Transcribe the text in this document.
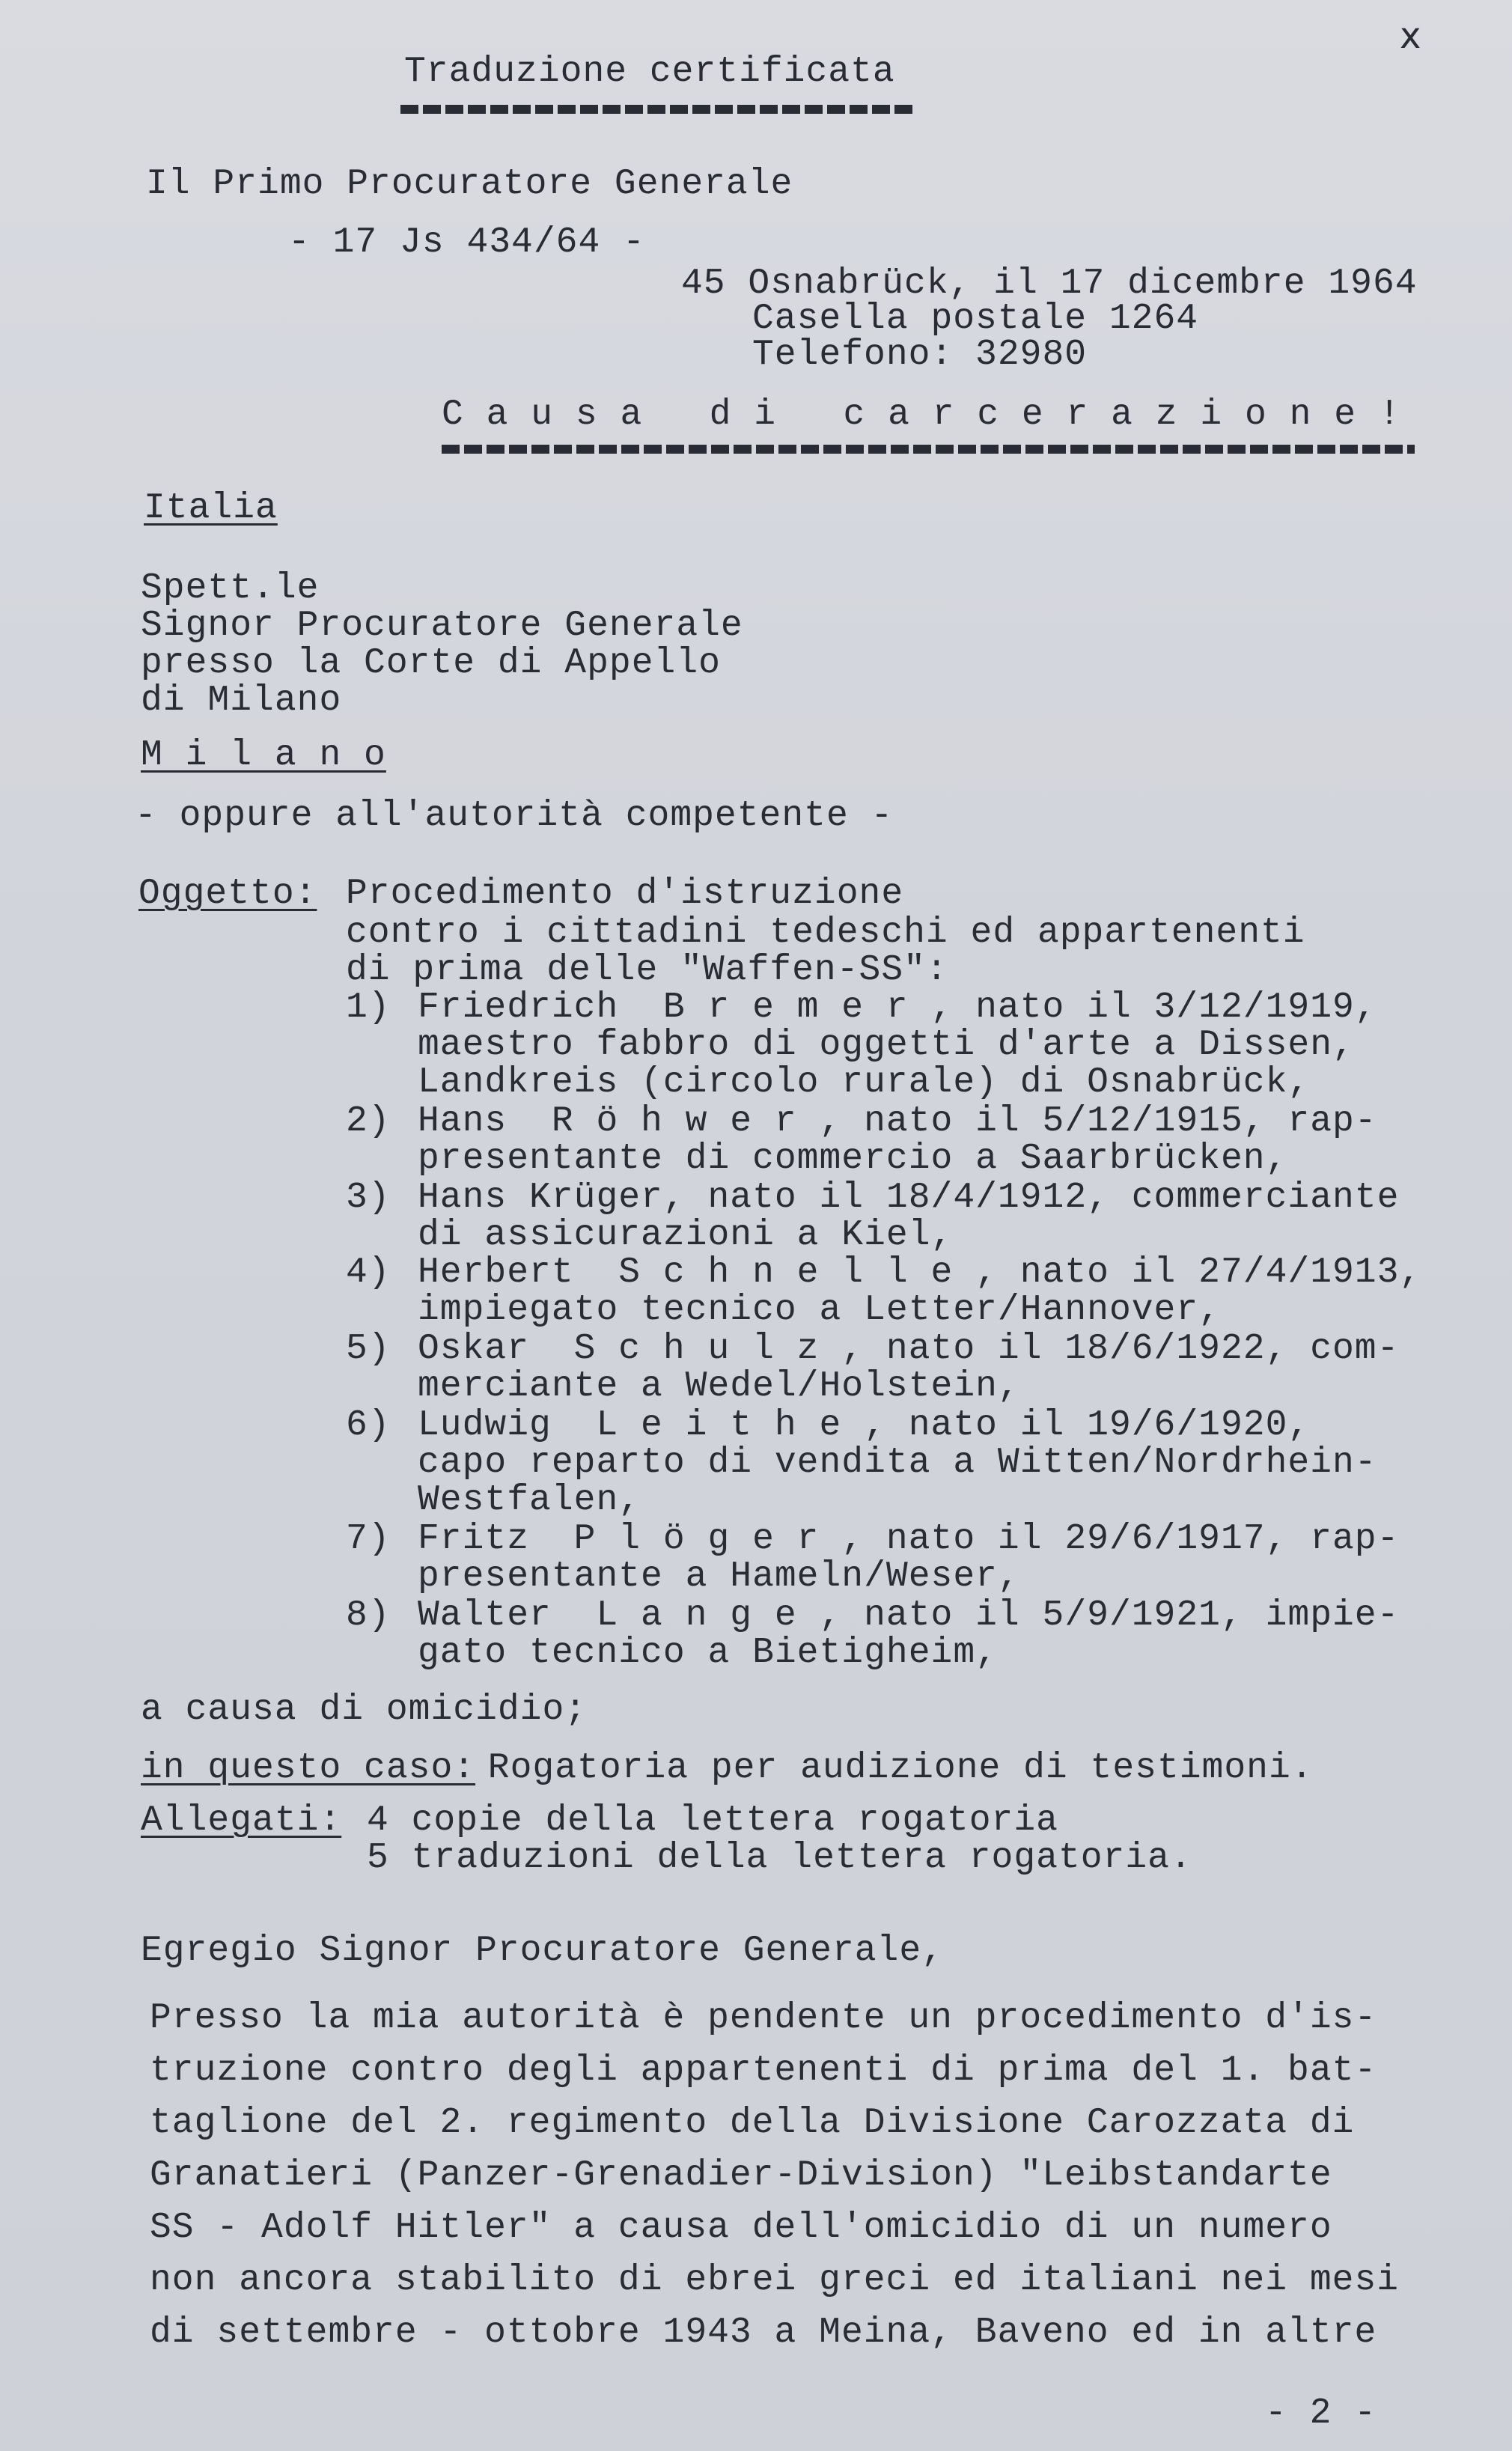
x
Traduzione certificata
Il Primo Procuratore Generale
- 17 Js 434/64 -
45 Osnabrück, il 17 dicembre 1964
Casella postale 1264
Telefono: 32980
C a u s a   d i   c a r c e r a z i o n e !
Italia
Spett.le
Signor Procuratore Generale
presso la Corte di Appello
di Milano
M i l a n o
- oppure all'autorità competente -
Oggetto: Procedimento d'istruzione
contro i cittadini tedeschi ed appartenenti
di prima delle "Waffen-SS":
1) Friedrich  B r e m e r , nato il 3/12/1919,
maestro fabbro di oggetti d'arte a Dissen,
Landkreis (circolo rurale) di Osnabrück,
2) Hans  R ö h w e r , nato il 5/12/1915, rap-
presentante di commercio a Saarbrücken,
3) Hans Krüger, nato il 18/4/1912, commerciante
di assicurazioni a Kiel,
4) Herbert  S c h n e l l e , nato il 27/4/1913,
impiegato tecnico a Letter/Hannover,
5) Oskar  S c h u l z , nato il 18/6/1922, com-
merciante a Wedel/Holstein,
6) Ludwig  L e i t h e , nato il 19/6/1920,
capo reparto di vendita a Witten/Nordrhein-
Westfalen,
7) Fritz  P l ö g e r , nato il 29/6/1917, rap-
presentante a Hameln/Weser,
8) Walter  L a n g e , nato il 5/9/1921, impie-
gato tecnico a Bietigheim,
a causa di omicidio;
in questo caso:
Rogatoria per audizione di testimoni.
Allegati: 4 copie della lettera rogatoria
5 traduzioni della lettera rogatoria.
Egregio Signor Procuratore Generale,
Presso la mia autorità è pendente un procedimento d'is-
truzione contro degli appartenenti di prima del 1. bat-
taglione del 2. regimento della Divisione Carozzata di
Granatieri (Panzer-Grenadier-Division) "Leibstandarte
SS - Adolf Hitler" a causa dell'omicidio di un numero
non ancora stabilito di ebrei greci ed italiani nei mesi
di settembre - ottobre 1943 a Meina, Baveno ed in altre
- 2 -
